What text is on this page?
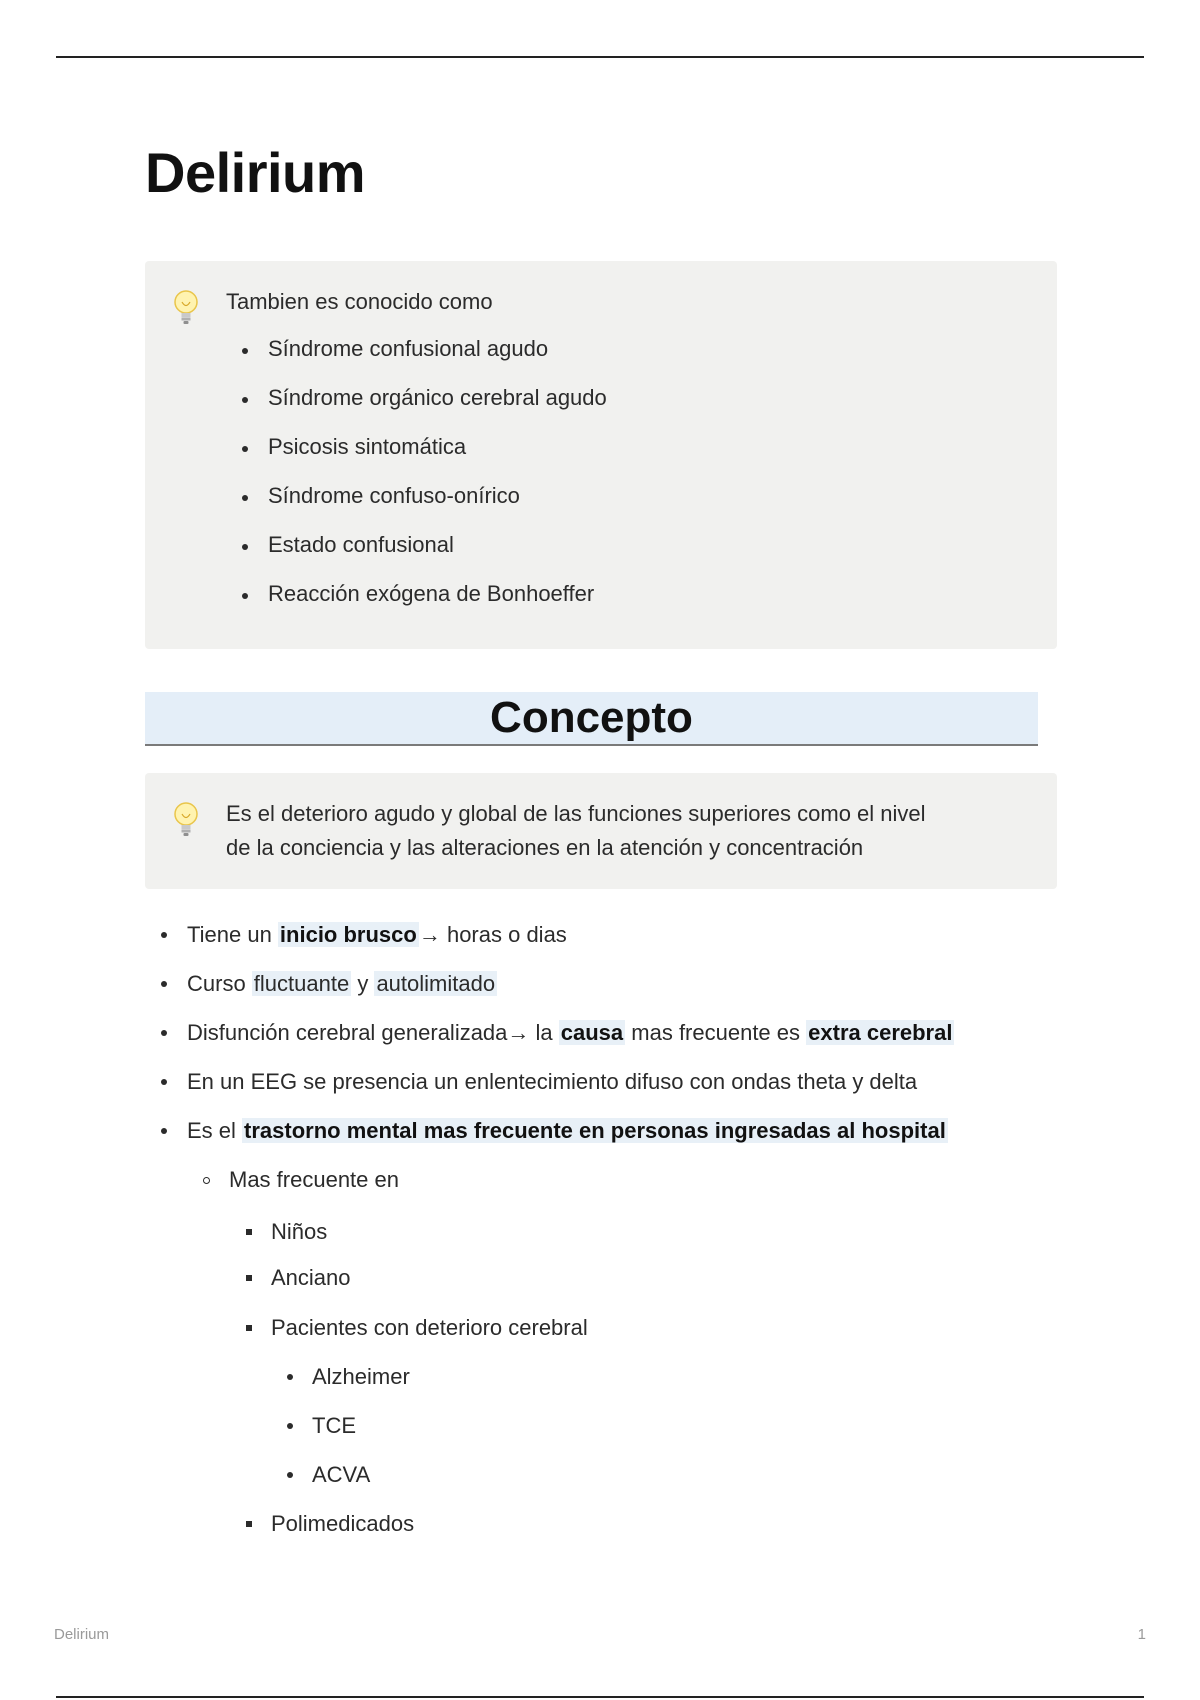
Delirium
Tambien es conocido como
Síndrome confusional agudo
Síndrome orgánico cerebral agudo
Psicosis sintomática
Síndrome confuso-onírico
Estado confusional
Reacción exógena de Bonhoeffer
Concepto
Es el deterioro agudo y global de las funciones superiores como el nivel
de la conciencia y las alteraciones en la atención y concentración
Tiene un inicio brusco→ horas o dias
Curso fluctuante y autolimitado
Disfunción cerebral generalizada→ la causa mas frecuente es extra cerebral
En un EEG se presencia un enlentecimiento difuso con ondas theta y delta
Es el trastorno mental mas frecuente en personas ingresadas al hospital
Mas frecuente en
Niños
Anciano
Pacientes con deterioro cerebral
Alzheimer
TCE
ACVA
Polimedicados
Delirium	1
